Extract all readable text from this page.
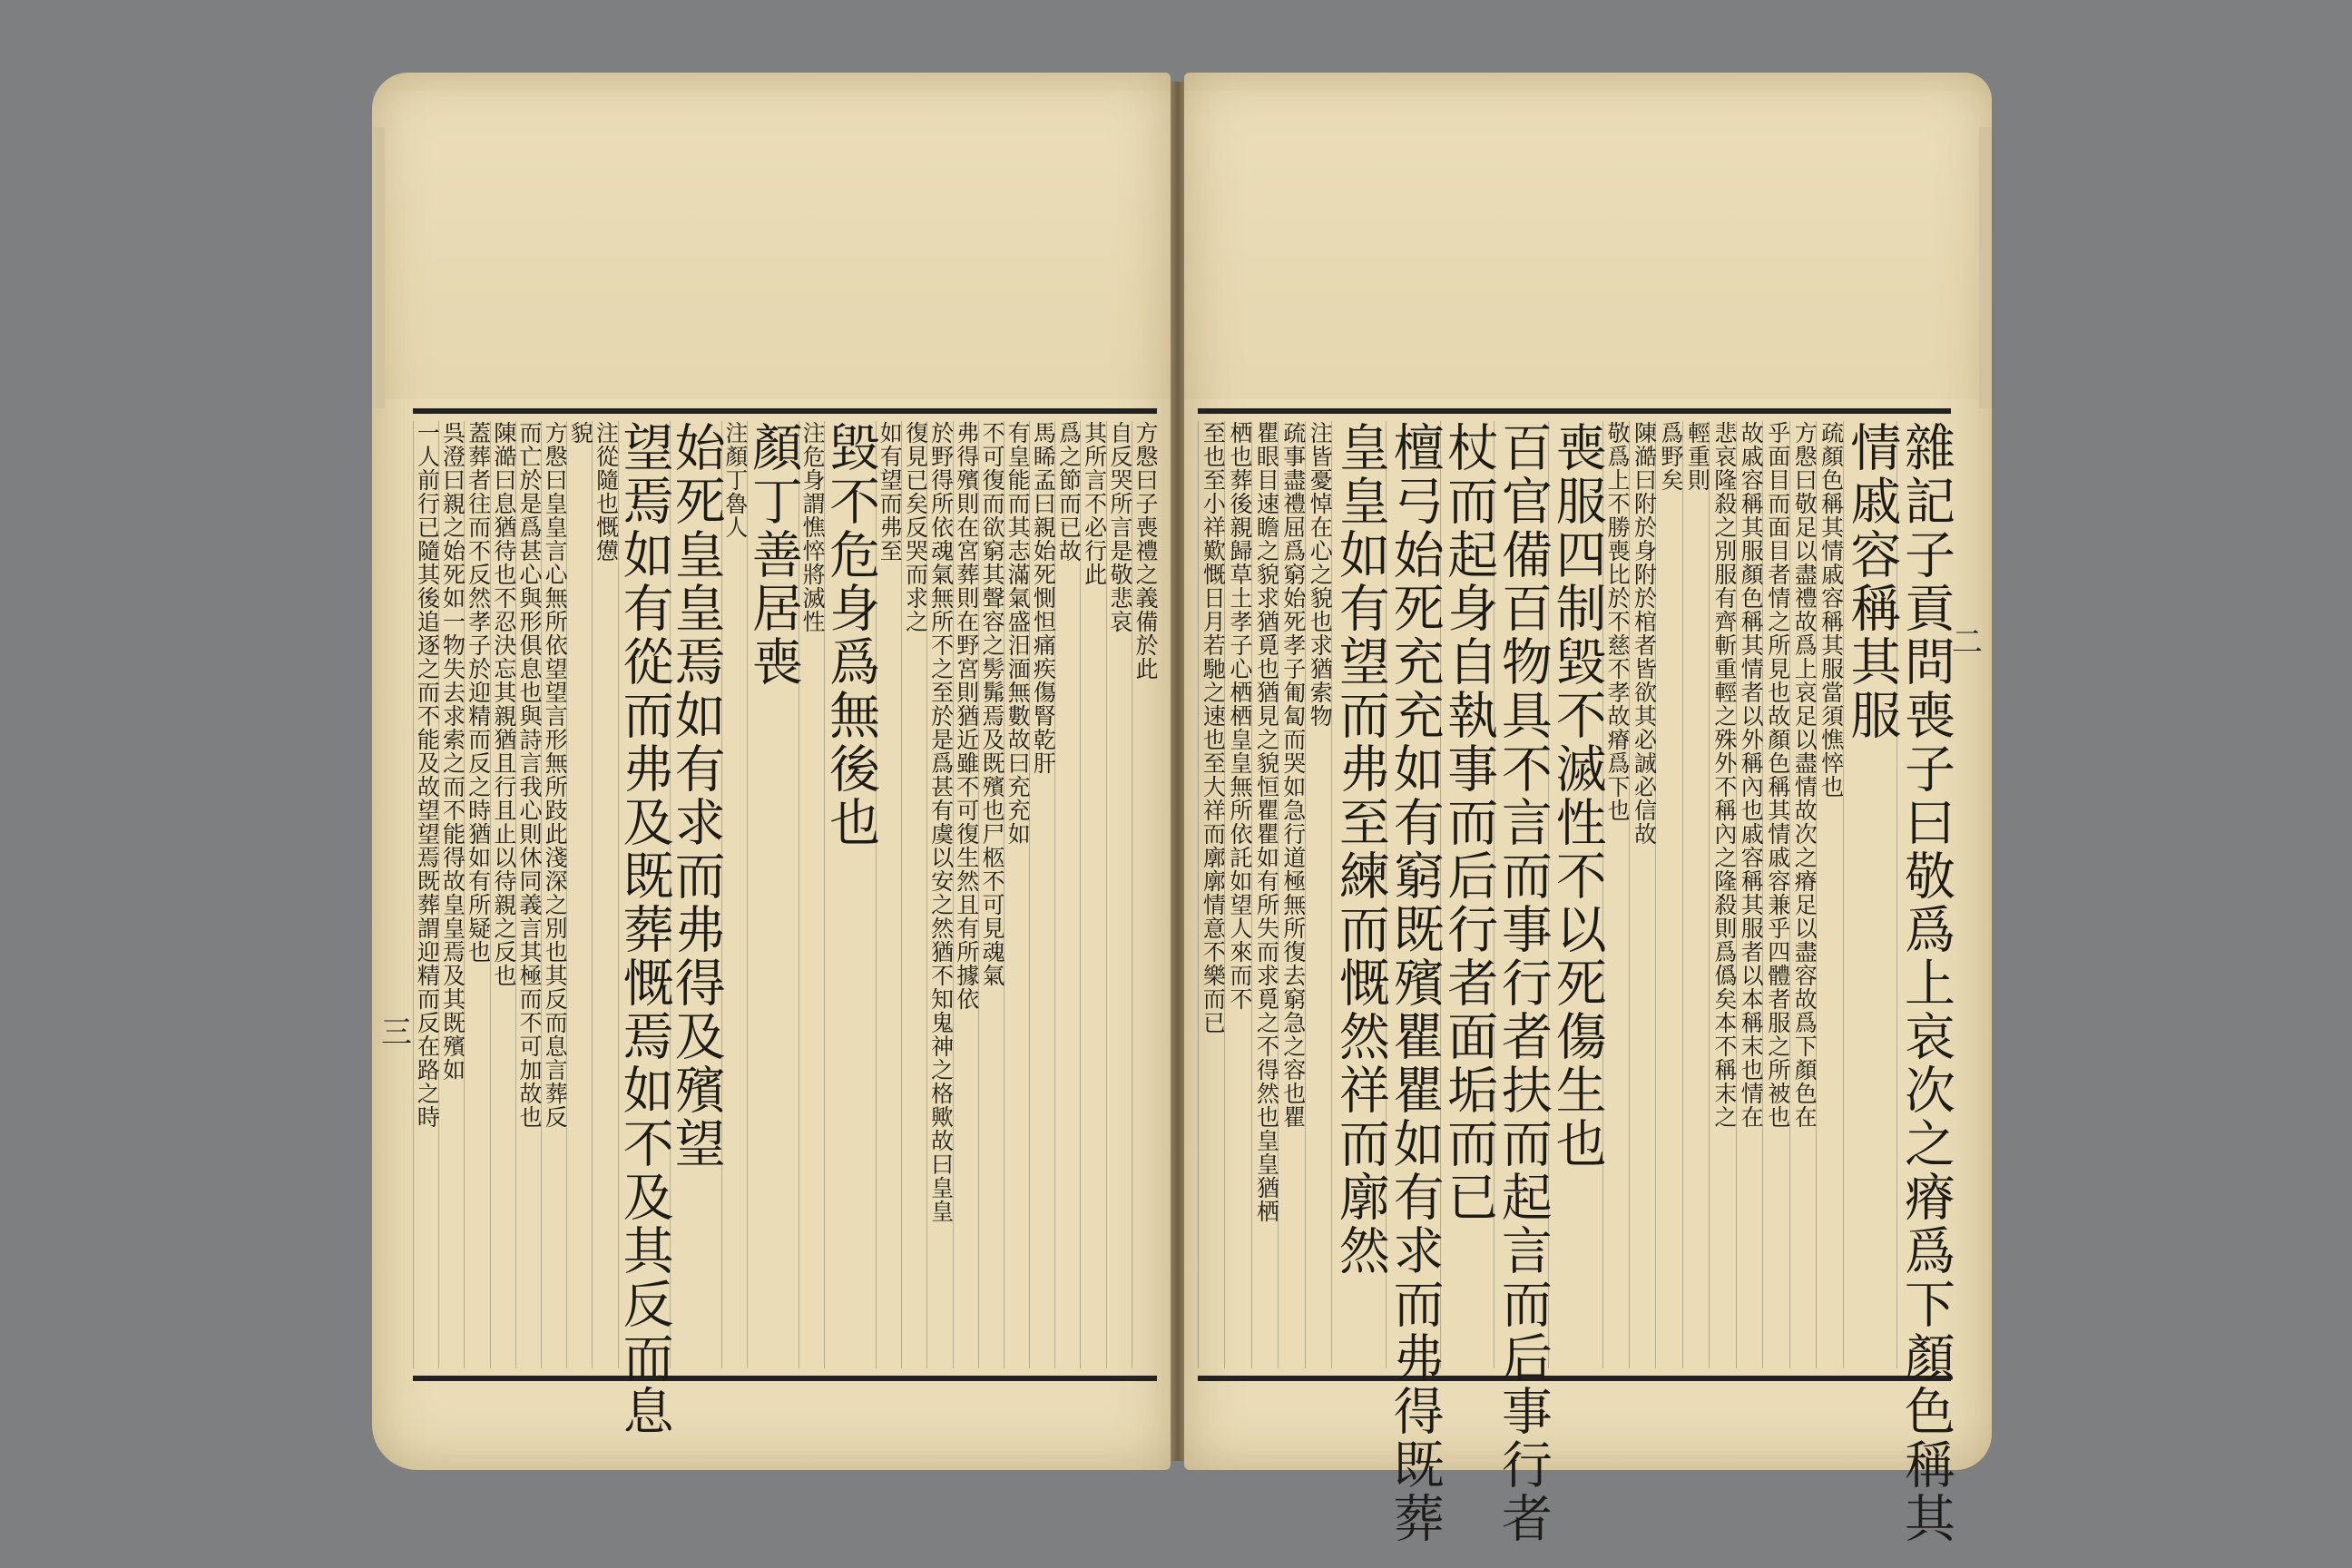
方慇曰子喪禮之義備於此
自反哭所言是敬悲哀
其所言不必行此
爲之節而已故
馬睎孟曰親始死惻怛痛疾傷腎乾肝
有皇能而其志滿氣盛汨湎無數故曰充充如
不可復而欲窮其聲容之髣髴焉及既殯也尸柩不可見魂氣
弗得殯則在宮葬則在野宮則猶近雖不可復生然且有所據依
於野得所依魂氣無所不之至於是爲甚有虞以安之然猶不知鬼神之格歟故曰皇皇
復見已矣反哭而求之
如有望而弗至
毀不危身爲無後也
注危身謂憔悴將滅性
顏丁善居喪
注顏丁魯人
始死皇皇焉如有求而弗得及殯望
望焉如有從而弗及既葬慨焉如不及其反而息
注從隨也慨憊
貌
方慇曰皇皇言心無所依望望言形無所跂此淺深之別也其反而息言葬反
而亡於是爲甚心與形俱息也與詩言我心則休同義言其極而不可加故也
陳澔曰息猶待也不忍決忘其親猶且行且止以待親之反也
蓋葬者往而不反然孝子於迎精而反之時猶如有所疑也
呉澄曰親之始死如一物失去求索之而不能得故皇皇焉及其既殯如
一人前行已隨其後追逐之而不能及故望望焉既葬謂迎精而反在路之時
三	雜記子貢問喪子曰敬爲上哀次之瘠爲下顏色稱其
情戚容稱其服
疏顏色稱其情戚容稱其服當須憔悴也
方慇曰敬足以盡禮故爲上哀足以盡情故次之瘠足以盡容故爲下顏色在
乎面目而面目者情之所見也故顏色稱其情戚容兼乎四體者服之所被也
故戚容稱其服顏色稱其情者以外稱內也戚容稱其服者以本稱末也情在
悲哀隆殺之別服有齊斬重輕之殊外不稱內之隆殺則爲僞矣本不稱末之
輕重則
爲野矣
陳澔曰附於身附於棺者皆欲其必誠必信故
敬爲上不勝喪比於不慈不孝故瘠爲下也
喪服四制毀不滅性不以死傷生也
百官備百物具不言而事行者扶而起言而后事行者
杖而起身自執事而后行者面垢而已
檀弓始死充充如有窮既殯瞿瞿如有求而弗得既葬
皇皇如有望而弗至練而慨然祥而廓然
注皆憂悼在心之貌也求猶索物
疏事盡禮屈爲窮始死孝子匍匐而哭如急行道極無所復去窮急之容也瞿
瞿眼目速瞻之貌求猶覓也猶見之貌恒瞿瞿如有所失而求覓之不得然也皇皇猶栖
栖也葬後親歸草土孝子心栖栖皇皇無所依託如望人來而不
至也至小祥歎慨日月若馳之速也至大祥而廓廓情意不樂而已	二
